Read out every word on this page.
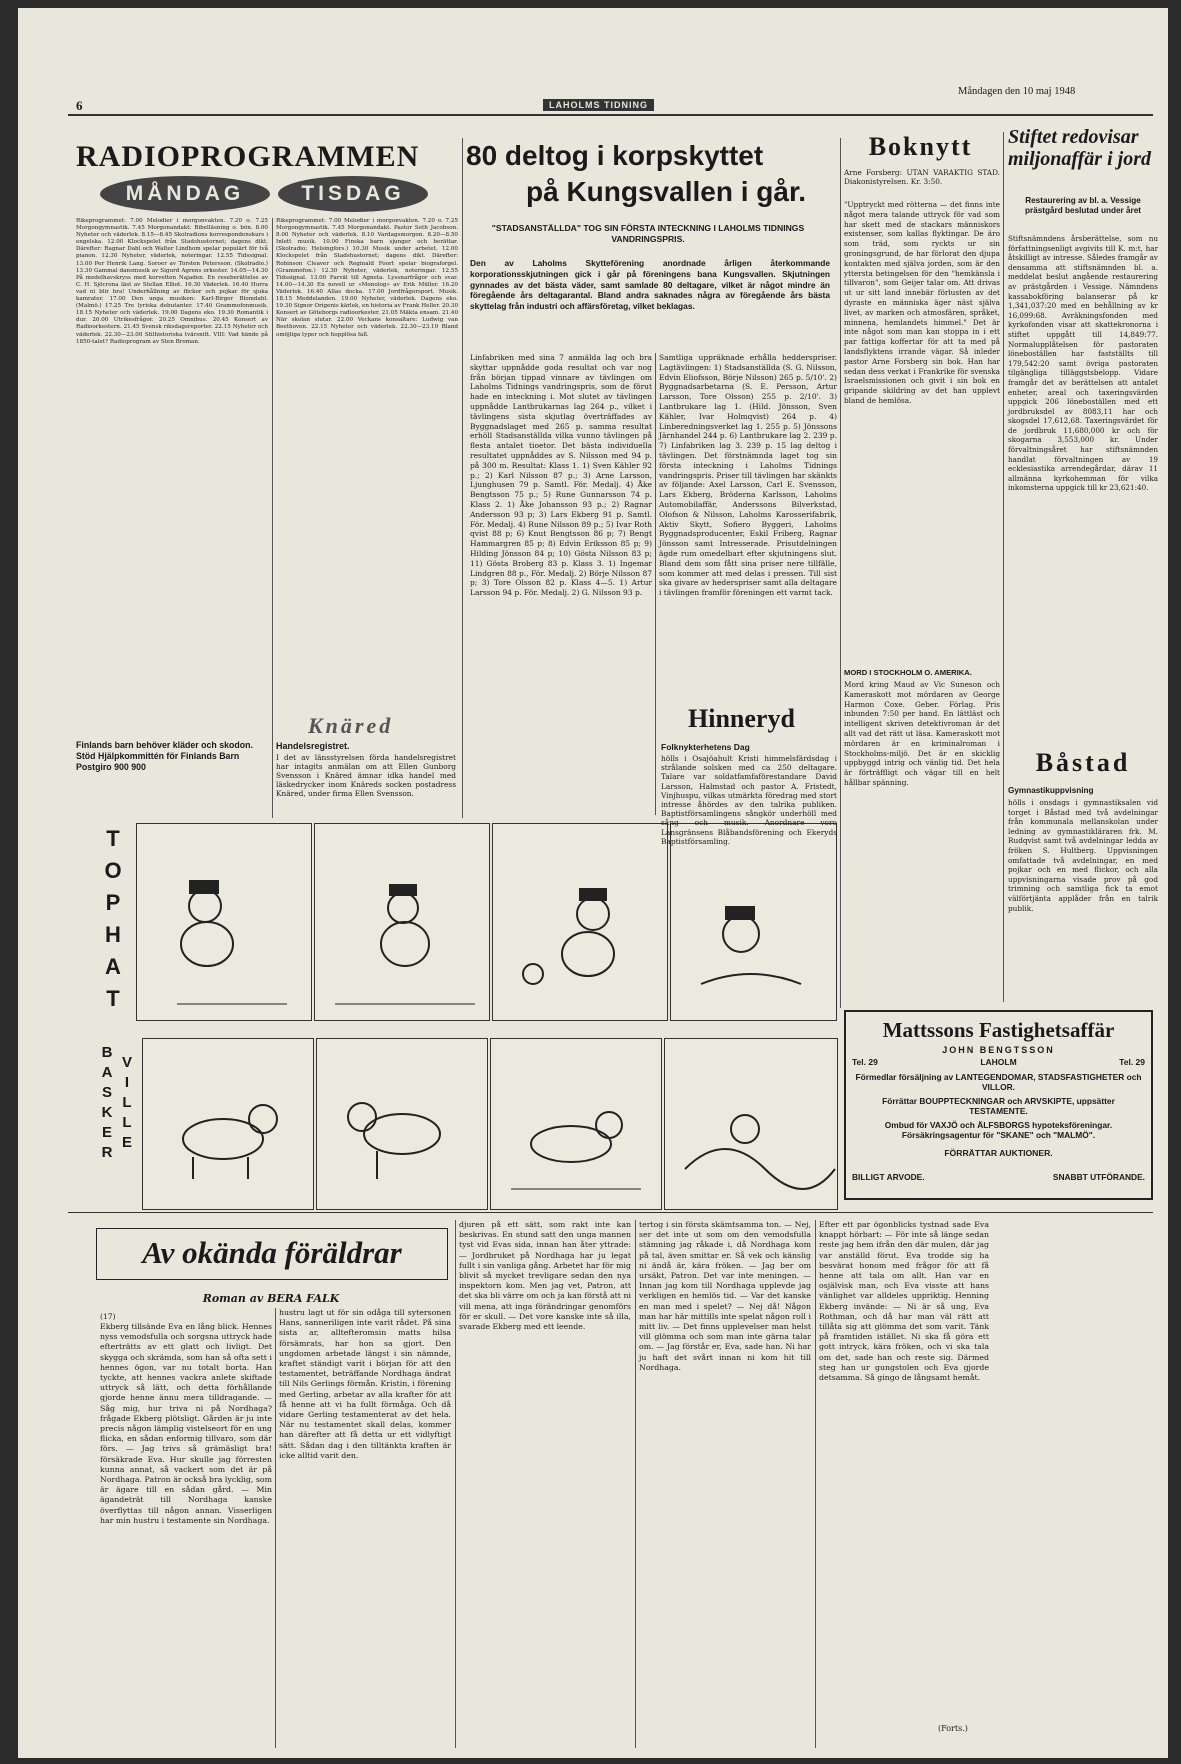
6	LAHOLMS TIDNING
Måndagen den 10 maj 1948
RADIOPROGRAMMEN
MÅNDAG	TISDAG

Rikeprogrammet: 7.00 Melodier i morgonvakten. 7.20 o. 7.25 Morgongymnastik. 7.45 Morgonandakt: Bibelläsning o. bön. 8.00 Nyheter och väderlek. 8.15—8.45 Skolradions korrespondenskurs i engelska. 12.00 Klockspelet från Stadshustornet; dagens dikt. Därefter: Ragnar Dahl och Walter Lindhom spelar populärt för två pianon. 12.30 Nyheter, väderlek, noteringar. 12.55 Tidssignal. 13.00 Per Henrik Lang. Soroer av Torsten Petersson. (Skolradio.) 13.30 Gammal dansmusik av Sigurd Agrens orkester. 14.05—14.30 På medelhavskryss med korvetten Najaden. En reseberättelse av C. H. Sjöcrona läst av Stellan Elliot. 16.30 Väderlek. 16.40 Hurra vad ni blir bra! Underhållning av flickor och pojkar för sjuka kamrater. 17.00 Den unga musiken: Karl-Birger Blomdahl. (Malmö.) 17.25 Tre lyriska debutanter. 17.40 Grammofonmusik. 18.15 Nyheter och väderlek. 19.00 Dagens eko. 19.30 Romantik i dur. 20.00 Utrikesfrågor. 20.25 Omnibus. 20.45 Konsert av Radioorkestern. 21.45 Svensk riksdagsreporter. 22.15 Nyheter och väderlek. 22.30—23.00 Stilhistoriska tvärsnitt. VIII: Vad hände på 1850-talet? Radioprogram av Sten Broman.

Rikeprogrammet: 7.00 Melodier i morgonvakten. 7.20 o. 7.25 Morgongymnastik. 7.45 Morgonandakt. Pastor Seth Jacobson. 8.00 Nyheter och väderlek. 8.10 Vardagsmorgon. 8.20—8.50 Inlett musik. 10.00 Finska barn sjunger och berättar. (Skolradio; Helsingfors.) 10.30 Musik under arbetet. 12.00 Klockspelet från Stadshustornet; dagens dikt. Därefter: Robinson Cleaver och Reginald Foort spelar biograforgel. (Grammofon.) 12.30 Nyheter, väderlek, noteringar. 12.55 Tidssignal. 13.00 Farväl till Agneta. Lyssnarfrågor och svar. 14.00—14.30 En novell ur »Monolog» av Erik Müller. 16.20 Väderlek. 16.40 Allas docka. 17.00 Jordfrågorsport. Musik. 18.15 Meddelanden. 19.00 Nyheter, väderlek. Dagens eko. 19.30 Signor Origenis kärlek, en historia av Frank Heller. 20.30 Konsert av Göteborgs radioorkester. 21.05 Mäkta ensam. 21.40 När skolan slutar. 22.00 Veckans konsaltare: Ludwig van Beethoven. 22.15 Nyheter och väderlek. 22.30—23.10 Bland omöjliga typer och hopplösa fall.

Finlands barn behöver kläder och skodon. Stöd Hjälpkommittén för Finlands Barn Postgiro 900 900

Knäred
Handelsregistret.

I det av länsstyrelsen förda handelsregistret har intagits anmälan om att Ellen Gunborg Svensson i Knäred ämnar idka handel med läskedrycker inom Knäreds socken postadress Knäred, under firma Ellen Svensson.

T
O
P
H
A
T
B
A
S
K
E
R
V
I
L
L
E
80 deltog i korpskyttet
på Kungsvallen i går.

"STADSANSTÄLLDA" TOG SIN FÖRSTA INTECKNING I LAHOLMS TIDNINGS VANDRINGSPRIS.

Den av Laholms Skytteförening anordnade årligen återkommande korporationsskjutningen gick i går på föreningens bana Kungsvallen. Skjutningen gynnades av det bästa väder, samt samlade 80 deltagare, vilket är något mindre än föregående års deltagarantal. Bland andra saknades några av föregående års bästa skyttelag från industri och affärsföretag, vilket beklagas.

Linfabriken med sina 7 anmälda lag och bra skyttar uppnådde goda resultat och var nog från början tippad vinnare av tävlingen om Laholms Tidnings vandringspris, som de förut hade en inteckning i. Mot slutet av tävlingen uppnådde Lantbrukarnas lag 264 p., vilket i tävlingens sista skjutlag överträffades av Byggnadslaget med 265 p. samma resultat erhöll Stadsanställda vilka vunno tävlingen på flesta antalet tioetor. Det bästa individuella resultatet uppnåddes av S. Nilsson med 94 p. på 300 m. Resultat: Klass 1. 1) Sven Kähler 92 p.; 2) Karl Nilsson 87 p.; 3) Arne Larsson, Ljunghusen 79 p. Samtl. För. Medalj. 4) Åke Bengtsson 75 p.; 5) Rune Gunnarsson 74 p. Klass 2. 1) Åke Johansson 93 p.; 2) Ragnar Andersson 93 p; 3) Lars Ekberg 91 p. Samtl. För. Medalj. 4) Rune Nilsson 89 p.; 5) Ivar Roth qvist 88 p; 6) Knut Bengtsson 86 p; 7) Bengt Hammargren 85 p; 8) Edvin Eriksson 85 p; 9) Hilding Jönsson 84 p; 10) Gösta Nilsson 83 p; 11) Gösta Broberg 83 p. Klass 3. 1) Ingemar Lindgren 88 p., För. Medalj. 2) Börje Nilsson 87 p; 3) Tore Olsson 82 p. Klass 4—5. 1) Artur Larsson 94 p. För. Medalj. 2) G. Nilsson 93 p.

Samtliga uppräknade erhålla hedderspriser. Lagtävlingen: 1) Stadsanställda (S. G. Nilsson, Edvin Eliofsson, Börje Nilsson) 265 p. 5/10'. 2) Byggnadsarbetarna (S. E. Persson, Artur Larsson, Tore Olsson) 255 p. 2/10'. 3) Lantbrukare lag 1. (Hild. Jönsson, Sven Kähler, Ivar Holmqvist) 264 p. 4) Linberedningsverket lag 1. 255 p. 5) Jönssons Järnhandel 244 p. 6) Lantbrukare lag 2. 239 p. 7) Linfabriken lag 3. 239 p. 15 lag deltog i tävlingen. Det förstnämnda laget tog sin första inteckning i Laholms Tidnings vandringspris. Priser till tävlingen har skänkts av följande: Axel Larsson, Carl E. Svensson, Lars Ekberg, Bröderna Karlsson, Laholms Automobilaffär, Anderssons Bilverkstad, Olofson & Nilsson, Laholms Karosserifabrik, Aktiv Skytt, Sofiero Byggeri, Laholms Byggnadsproducenter, Eskil Friberg, Ragnar Jönsson samt Intresserade. Prisutdelningen ägde rum omedelbart efter skjutningens slut. Bland dem som fått sina priser nere tillfälle, som kommer att med delas i pressen. Till sist ska givare av hederspriser samt alla deltagare i tävlingen framför föreningen ett varmt tack.

Hinneryd
Folknykterhetens Dag

hölls i Osajöahult Kristi himmelsfärdsdag i strålande solsken med ca 250 deltagare. Talare var soldatfamfaförestandare David Larsson, Halmstad och pastor A. Fristedt, Vinjhuspu, vilkas utmärkta föredrag med stort intresse åhördes av den talrika publiken. Baptistförsamlingens sångkör underhöll med sång och musik. Anordnare voro Lansgränsens Blåbandsförening och Ekeryds Baptistförsamling.

Boknytt

Arne Forsberg: UTAN VARAKTIG STAD. Diakonistyrelsen. Kr. 3:50.

"Upptryckt med rötterna — det finns inte något mera talande uttryck för vad som har skett med de stackars människors existenser, som kallas flyktingar. De äro som träd, som ryckts ur sin groningsgrund, de har förlorat den djupa kontakten med själva jorden, som är den yttersta betingelsen för den "hemkänsla i tillvaron", som Geijer talar om. Att drivas ut ur sitt land innebär förlusten av det dyraste en människa äger näst själva livet, av marken och atmosfären, språket, minnena, hemlandets himmel." Det är inte något som man kan stoppa in i ett par fattiga koffertar för att ta med på landsflyktens irrande vägar. Så inleder pastor Arne Forsberg sin bok. Han har sedan dess verkat i Frankrike för svenska Israelsmissionen och givit i sin bok en gripande skildring av det han upplevt bland de hemlösa.

MORD I STOCKHOLM O. AMERIKA.

Mord kring Maud av Vic Suneson och Kameraskott mot mördaren av George Harmon Coxe. Geber. Förlag. Pris inbunden 7:50 per band. En lättläst och intelligent skriven detektivroman är det allt vad det rätt ut läsa. Kameraskott mot mördaren är en kriminalroman i Stockholms-miljö. Det är en skicklig uppbyggd intrig och vänlig tid. Det hela är förträffligt och vägar till en helt hållbar spänning.

Stiftet redovisar miljonaffär i jord

Restaurering av bl. a. Vessige prästgård beslutad under året

Stiftsnämndens årsberättelse, som nu författningsenligt avgivits till K. m:t, har åtskilligt av intresse. Således framgår av densamma att stiftsnämnden bl. a. meddelat beslut angående restaurering av prästgården i Vessige. Nämndens kassabokföring balanserar på kr 1,341,037:20 med en behållning av kr 16,099:68. Avräkningsfonden med kyrkofonden visar att skattekronorna i stiftet uppgått till 14,849:77. Normalupplåtelsen för pastoraten löneboställen har fastställts till 179,542:20 samt övriga pastoraten tilgängliga tilläggstsbelopp. Vidare framgår det av berättelsen att antalet enheter, areal och taxeringsvärden uppgick 206 löneboställen med ett jordbruksdel av 8083,11 har och skogsdel 17,612,68. Taxeringsvärdet för de jordbruk 11,680,000 kr och för skogarna 3,553,000 kr. Under förvaltningsåret har stiftsnämnden handlat förvaltningen av 19 ecklesiastika arrendegårdar, därav 11 allmänna kyrkohemman för vilka inkomsterna uppgick till kr 23,621:40.

Båstad
Gymnastikuppvisning

hölls i onsdags i gymnastiksalen vid torget i Båstad med två avdelningar från kommunala mellanskolan under ledning av gymnastikläraren frk. M. Rudqvist samt två avdelningar ledda av fröken S. Hultberg. Uppvisningen omfattade två avdelningar, en med pojkar och en med flickor, och alla uppvisningarna visade prov på god trimning och samtliga fick ta emot välförtjänta applåder från en talrik publik.

Mattssons Fastighetsaffär
JOHN BENGTSSON
Tel. 29	LAHOLM	Tel. 29
Förmedlar försäljning av LANTEGENDOMAR, STADSFASTIGHETER och VILLOR.
Förrättar BOUPPTECKNINGAR och ARVSKIPTE, uppsätter TESTAMENTE.
Ombud för VAXJÖ och ÄLFSBORGS hypoteksföreningar. Försäkringsagentur för "SKANE" och "MALMÖ".
FÖRRÄTTAR AUKTIONER.
BILLIGT ARVODE.	SNABBT UTFÖRANDE.
Av okända föräldrar
Roman av BERA FALK
(17)

Ekberg tillsände Eva en lång blick. Hennes nyss vemodsfulla och sorgsna uttryck hade efterträtts av ett glatt och livligt. Det skygga och skrämda, som han så ofta sett i hennes ögon, var nu totalt borta. Han tyckte, att hennes vackra anlete skiftade uttryck så lätt, och detta förhållande gjorde henne ännu mera tilldragande. — Såg mig, hur triva ni på Nordhaga? frågade Ekberg plötsligt. Gården är ju inte precis någon lämplig vistelseort för en ung flicka, en sådan enformig tillvaro, som där förs. — Jag trivs så grämäsligt bra! försäkrade Eva. Hur skulle jag förresten kunna annat, så vackert som det är på Nordhaga. Patron är också bra lycklig, som är ägare till en sådan gård. — Min ägandeträt till Nordhaga kanske överflyttas till någon annan. Visserligen har min hustru i testamente sin Nordhaga.

hustru lagt ut för sin odåga till sytersonen Hans, sanneriligen inte varit rådet. På sina sista ar, alltefteromsin matts hilsa försämrats, har hon sa gjort. Den ungdomen arbetade längst i sin nämnde, kraftet ständigt varit i början för att den testamentet, beträffande Nordhaga ändrat till Nils Gerlings förmån. Kristin, i förening med Gerling, arbetar av alla krafter för att få henne att vi ha fullt förmåga. Och då vidare Gerling testamenterat av det hela. När nu testamentet skall delas, kommer han därefter att få detta ur ett vidlyftigt sätt. Sådan dag i den tilltänkta kraften är icke alltid varit den.

djuren på ett sätt, som rakt inte kan beskrivas. En stund satt den unga mannen tyst vid Evas sida, innan han åter yttrade: — Jordbruket på Nordhaga har ju legat fullt i sin vanliga gång. Arbetet har för mig blivit så mycket trevligare sedan den nya inspektorn kom. Men jag vet, Patron, att det ska bli värre om och ja kan förstå att ni vill mena, att inga förändringar genomförs för er skull. — Det vore kanske inte så illa, svarade Ekberg med ett leende.

tertog i sin första skämtsamma ton. — Nej, ser det inte ut som om den vemodsfulla stämning jag råkade i, då Nordhaga kom på tal, även smittar er. Så vek och känslig ni ändå är, kära fröken. — Jag ber om ursäkt, Patron. Det var inte meningen. — Innan jag kom till Nordhaga upplevde jag verkligen en hemlös tid. — Var det kanske en man med i spelet? — Nej då! Någon man har här mittills inte spelat någon roll i mitt liv. — Det finns upplevelser man helst vill glömma och som man inte gärna talar om. — Jag förstår er, Eva, sade han. Ni har ju haft det svårt innan ni kom hit till Nordhaga.

Efter ett par ögonblicks tystnad sade Eva knappt hörbart: — För inte så länge sedan reste jag hem ifrån den där mulen, där jag var anställd förut. Eva trodde sig ha besvärat honom med frågor för att få henne att tala om allt. Han var en osjälvisk man, och Eva visste att hans vänlighet var alldeles uppriktig. Henning Ekberg invände: — Ni är så ung, Eva Rothman, och då har man väl rätt att tillåta sig att glömma det som varit. Tänk på framtiden istället. Ni ska få göra ett gott intryck, kära fröken, och vi ska tala om det, sade han och reste sig. Därmed steg han ur gungstolen och Eva gjorde detsamma. Så gingo de långsamt hemåt.

(Forts.)
